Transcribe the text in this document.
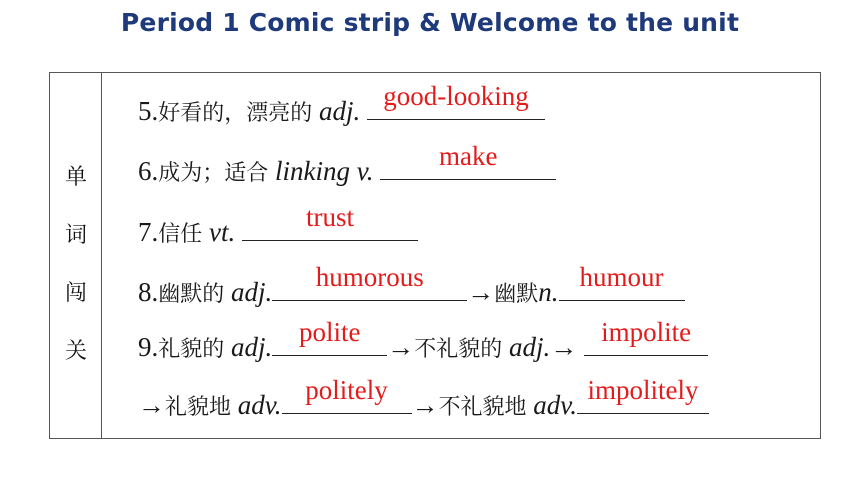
Period 1 Comic strip & Welcome to the unit
单
词
闯
关
5.好看的，漂亮的 adj. good-looking
6.成为；适合 linking v.	make
7.信任 vt.	trust
8.幽默的 adj.	humorous	→幽默n. humour
9.礼貌的 adj. polite →不礼貌的 adj.→ impolite
→礼貌地 adv. politely →不礼貌地 adv. impolitely
